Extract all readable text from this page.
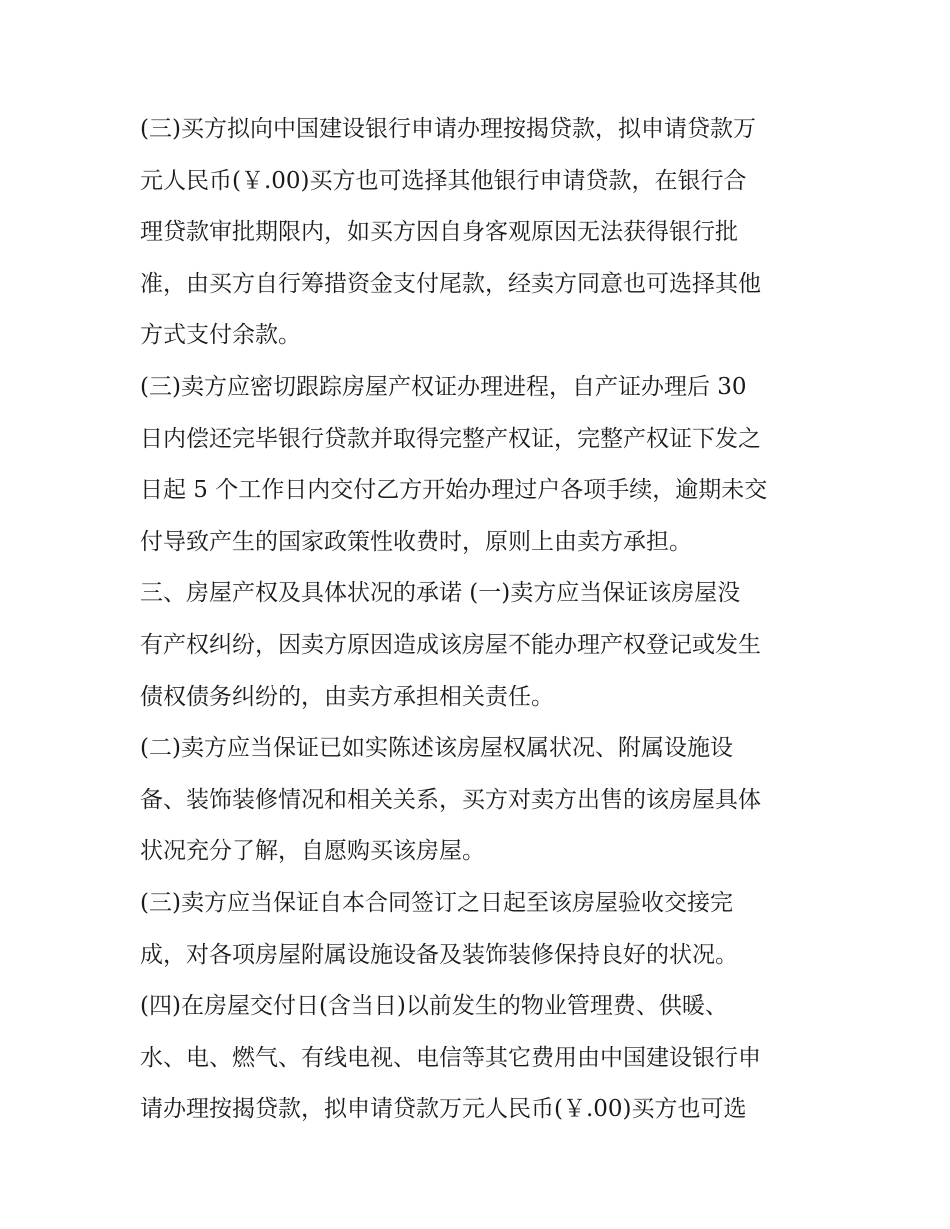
(三)买方拟向中国建设银行申请办理按揭贷款，拟申请贷款万
元人民币(￥.00)买方也可选择其他银行申请贷款，在银行合
理贷款审批期限内，如买方因自身客观原因无法获得银行批
准，由买方自行筹措资金支付尾款，经卖方同意也可选择其他
方式支付余款。
(三)卖方应密切跟踪房屋产权证办理进程，自产证办理后 30
日内偿还完毕银行贷款并取得完整产权证，完整产权证下发之
日起 5 个工作日内交付乙方开始办理过户各项手续，逾期未交
付导致产生的国家政策性收费时，原则上由卖方承担。
三、房屋产权及具体状况的承诺 (一)卖方应当保证该房屋没
有产权纠纷，因卖方原因造成该房屋不能办理产权登记或发生
债权债务纠纷的，由卖方承担相关责任。
(二)卖方应当保证已如实陈述该房屋权属状况、附属设施设
备、装饰装修情况和相关关系，买方对卖方出售的该房屋具体
状况充分了解，自愿购买该房屋。
(三)卖方应当保证自本合同签订之日起至该房屋验收交接完
成，对各项房屋附属设施设备及装饰装修保持良好的状况。
(四)在房屋交付日(含当日)以前发生的物业管理费、供暖、
水、电、燃气、有线电视、电信等其它费用由中国建设银行申
请办理按揭贷款，拟申请贷款万元人民币(￥.00)买方也可选
